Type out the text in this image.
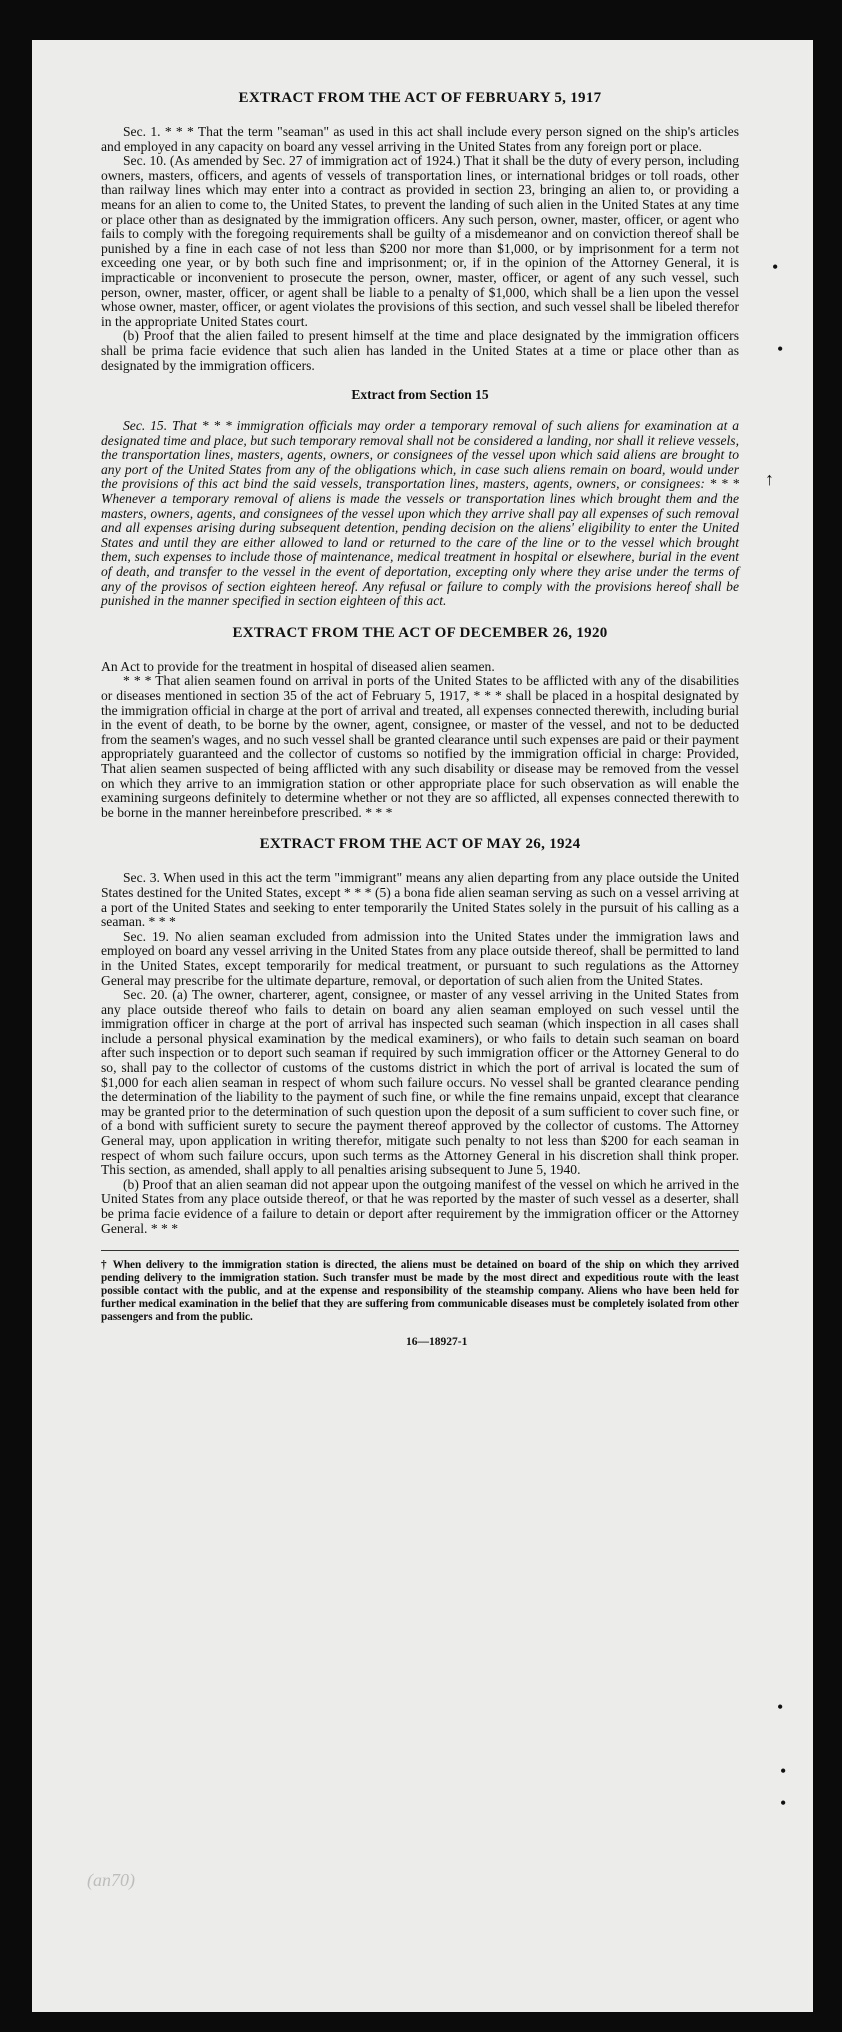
EXTRACT FROM THE ACT OF FEBRUARY 5, 1917

Sec. 1. * * * That the term "seaman" as used in this act shall include every person signed on the ship's articles and employed in any capacity on board any vessel arriving in the United States from any foreign port or place.

Sec. 10. (As amended by Sec. 27 of immigration act of 1924.) That it shall be the duty of every person, including owners, masters, officers, and agents of vessels of transportation lines, or international bridges or toll roads, other than railway lines which may enter into a contract as provided in section 23, bringing an alien to, or providing a means for an alien to come to, the United States, to prevent the landing of such alien in the United States at any time or place other than as designated by the immigration officers. Any such person, owner, master, officer, or agent who fails to comply with the foregoing requirements shall be guilty of a misdemeanor and on conviction thereof shall be punished by a fine in each case of not less than $200 nor more than $1,000, or by imprisonment for a term not exceeding one year, or by both such fine and imprisonment; or, if in the opinion of the Attorney General, it is impracticable or inconvenient to prosecute the person, owner, master, officer, or agent of any such vessel, such person, owner, master, officer, or agent shall be liable to a penalty of $1,000, which shall be a lien upon the vessel whose owner, master, officer, or agent violates the provisions of this section, and such vessel shall be libeled therefor in the appropriate United States court.

(b) Proof that the alien failed to present himself at the time and place designated by the immigration officers shall be prima facie evidence that such alien has landed in the United States at a time or place other than as designated by the immigration officers.

Extract from Section 15

Sec. 15. That * * * immigration officials may order a temporary removal of such aliens for examination at a designated time and place, but such temporary removal shall not be considered a landing, nor shall it relieve vessels, the transportation lines, masters, agents, owners, or consignees of the vessel upon which said aliens are brought to any port of the United States from any of the obligations which, in case such aliens remain on board, would under the provisions of this act bind the said vessels, transportation lines, masters, agents, owners, or consignees: * * * Whenever a temporary removal of aliens is made the vessels or transportation lines which brought them and the masters, owners, agents, and consignees of the vessel upon which they arrive shall pay all expenses of such removal and all expenses arising during subsequent detention, pending decision on the aliens' eligibility to enter the United States and until they are either allowed to land or returned to the care of the line or to the vessel which brought them, such expenses to include those of maintenance, medical treatment in hospital or elsewhere, burial in the event of death, and transfer to the vessel in the event of deportation, excepting only where they arise under the terms of any of the provisos of section eighteen hereof. Any refusal or failure to comply with the provisions hereof shall be punished in the manner specified in section eighteen of this act.

EXTRACT FROM THE ACT OF DECEMBER 26, 1920

An Act to provide for the treatment in hospital of diseased alien seamen.

* * * That alien seamen found on arrival in ports of the United States to be afflicted with any of the disabilities or diseases mentioned in section 35 of the act of February 5, 1917, * * * shall be placed in a hospital designated by the immigration official in charge at the port of arrival and treated, all expenses connected therewith, including burial in the event of death, to be borne by the owner, agent, consignee, or master of the vessel, and not to be deducted from the seamen's wages, and no such vessel shall be granted clearance until such expenses are paid or their payment appropriately guaranteed and the collector of customs so notified by the immigration official in charge: Provided, That alien seamen suspected of being afflicted with any such disability or disease may be removed from the vessel on which they arrive to an immigration station or other appropriate place for such observation as will enable the examining surgeons definitely to determine whether or not they are so afflicted, all expenses connected therewith to be borne in the manner hereinbefore prescribed. * * *

EXTRACT FROM THE ACT OF MAY 26, 1924

Sec. 3. When used in this act the term "immigrant" means any alien departing from any place outside the United States destined for the United States, except * * * (5) a bona fide alien seaman serving as such on a vessel arriving at a port of the United States and seeking to enter temporarily the United States solely in the pursuit of his calling as a seaman. * * *

Sec. 19. No alien seaman excluded from admission into the United States under the immigration laws and employed on board any vessel arriving in the United States from any place outside thereof, shall be permitted to land in the United States, except temporarily for medical treatment, or pursuant to such regulations as the Attorney General may prescribe for the ultimate departure, removal, or deportation of such alien from the United States.

Sec. 20. (a) The owner, charterer, agent, consignee, or master of any vessel arriving in the United States from any place outside thereof who fails to detain on board any alien seaman employed on such vessel until the immigration officer in charge at the port of arrival has inspected such seaman (which inspection in all cases shall include a personal physical examination by the medical examiners), or who fails to detain such seaman on board after such inspection or to deport such seaman if required by such immigration officer or the Attorney General to do so, shall pay to the collector of customs of the customs district in which the port of arrival is located the sum of $1,000 for each alien seaman in respect of whom such failure occurs. No vessel shall be granted clearance pending the determination of the liability to the payment of such fine, or while the fine remains unpaid, except that clearance may be granted prior to the determination of such question upon the deposit of a sum sufficient to cover such fine, or of a bond with sufficient surety to secure the payment thereof approved by the collector of customs. The Attorney General may, upon application in writing therefor, mitigate such penalty to not less than $200 for each seaman in respect of whom such failure occurs, upon such terms as the Attorney General in his discretion shall think proper. This section, as amended, shall apply to all penalties arising subsequent to June 5, 1940.

(b) Proof that an alien seaman did not appear upon the outgoing manifest of the vessel on which he arrived in the United States from any place outside thereof, or that he was reported by the master of such vessel as a deserter, shall be prima facie evidence of a failure to detain or deport after requirement by the immigration officer or the Attorney General. * * *

† When delivery to the immigration station is directed, the aliens must be detained on board of the ship on which they arrived pending delivery to the immigration station. Such transfer must be made by the most direct and expeditious route with the least possible contact with the public, and at the expense and responsibility of the steamship company. Aliens who have been held for further medical examination in the belief that they are suffering from communicable diseases must be completely isolated from other passengers and from the public.
16—18927-1
•
•
↑
•
•
•
(an70)
